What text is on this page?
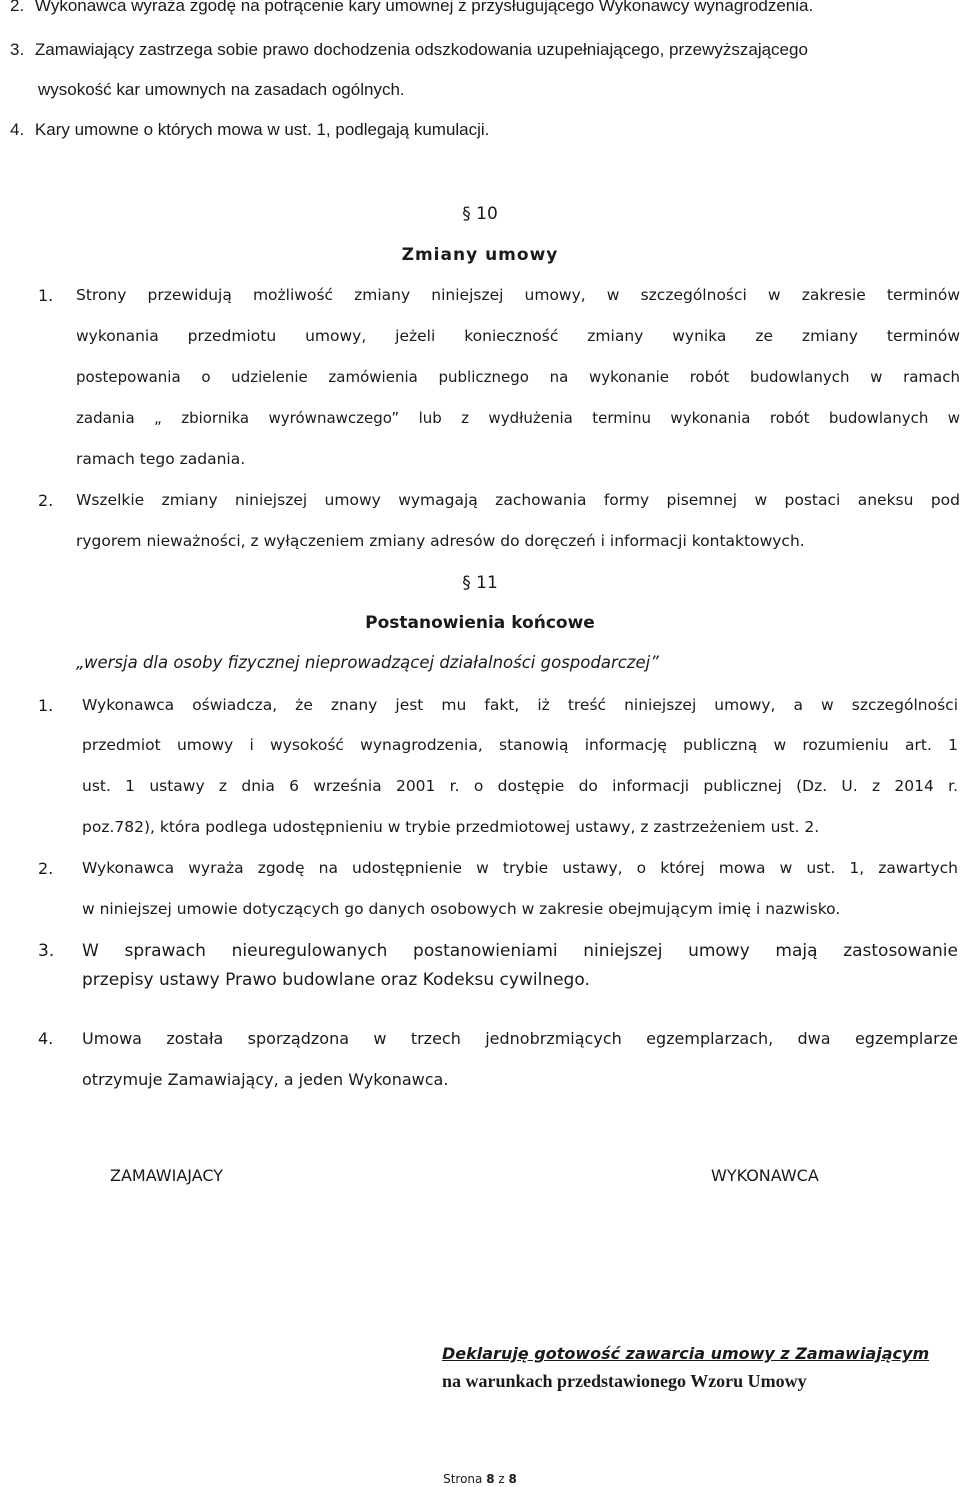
2. Wykonawca wyraża zgodę na potrącenie kary umownej z przysługującego Wykonawcy wynagrodzenia.
3. Zamawiający zastrzega sobie prawo dochodzenia odszkodowania uzupełniającego, przewyższającego
wysokość kar umownych na zasadach ogólnych.
4. Kary umowne o których mowa w ust. 1, podlegają kumulacji.
§ 10
Zmiany umowy
1. Strony przewidują możliwość zmiany niniejszej umowy, w szczególności w zakresie terminów
wykonania przedmiotu umowy, jeżeli konieczność zmiany wynika ze zmiany terminów
postepowania o udzielenie zamówienia publicznego na wykonanie robót budowlanych w ramach
zadania „ zbiornika wyrównawczego” lub z wydłużenia terminu wykonania robót budowlanych w
ramach tego zadania.
2. Wszelkie zmiany niniejszej umowy wymagają zachowania formy pisemnej w postaci aneksu pod
rygorem nieważności, z wyłączeniem zmiany adresów do doręczeń i informacji kontaktowych.
§ 11
Postanowienia końcowe
„wersja dla osoby fizycznej nieprowadzącej działalności gospodarczej”
1. Wykonawca oświadcza, że znany jest mu fakt, iż treść niniejszej umowy, a w szczególności
przedmiot umowy i wysokość wynagrodzenia, stanowią informację publiczną w rozumieniu art. 1
ust. 1 ustawy z dnia 6 września 2001 r. o dostępie do informacji publicznej (Dz. U. z 2014 r.
poz.782), która podlega udostępnieniu w trybie przedmiotowej ustawy, z zastrzeżeniem ust. 2.
2. Wykonawca wyraża zgodę na udostępnienie w trybie ustawy, o której mowa w ust. 1, zawartych
w niniejszej umowie dotyczących go danych osobowych w zakresie obejmującym imię i nazwisko.
3. W sprawach nieuregulowanych postanowieniami niniejszej umowy mają zastosowanie
przepisy ustawy Prawo budowlane oraz Kodeksu cywilnego.
4. Umowa została sporządzona w trzech jednobrzmiących egzemplarzach, dwa egzemplarze
otrzymuje Zamawiający, a jeden Wykonawca.
ZAMAWIAJACY	WYKONAWCA
Deklaruję gotowość zawarcia umowy z Zamawiającym
na warunkach przedstawionego Wzoru Umowy
Strona 8 z 8
